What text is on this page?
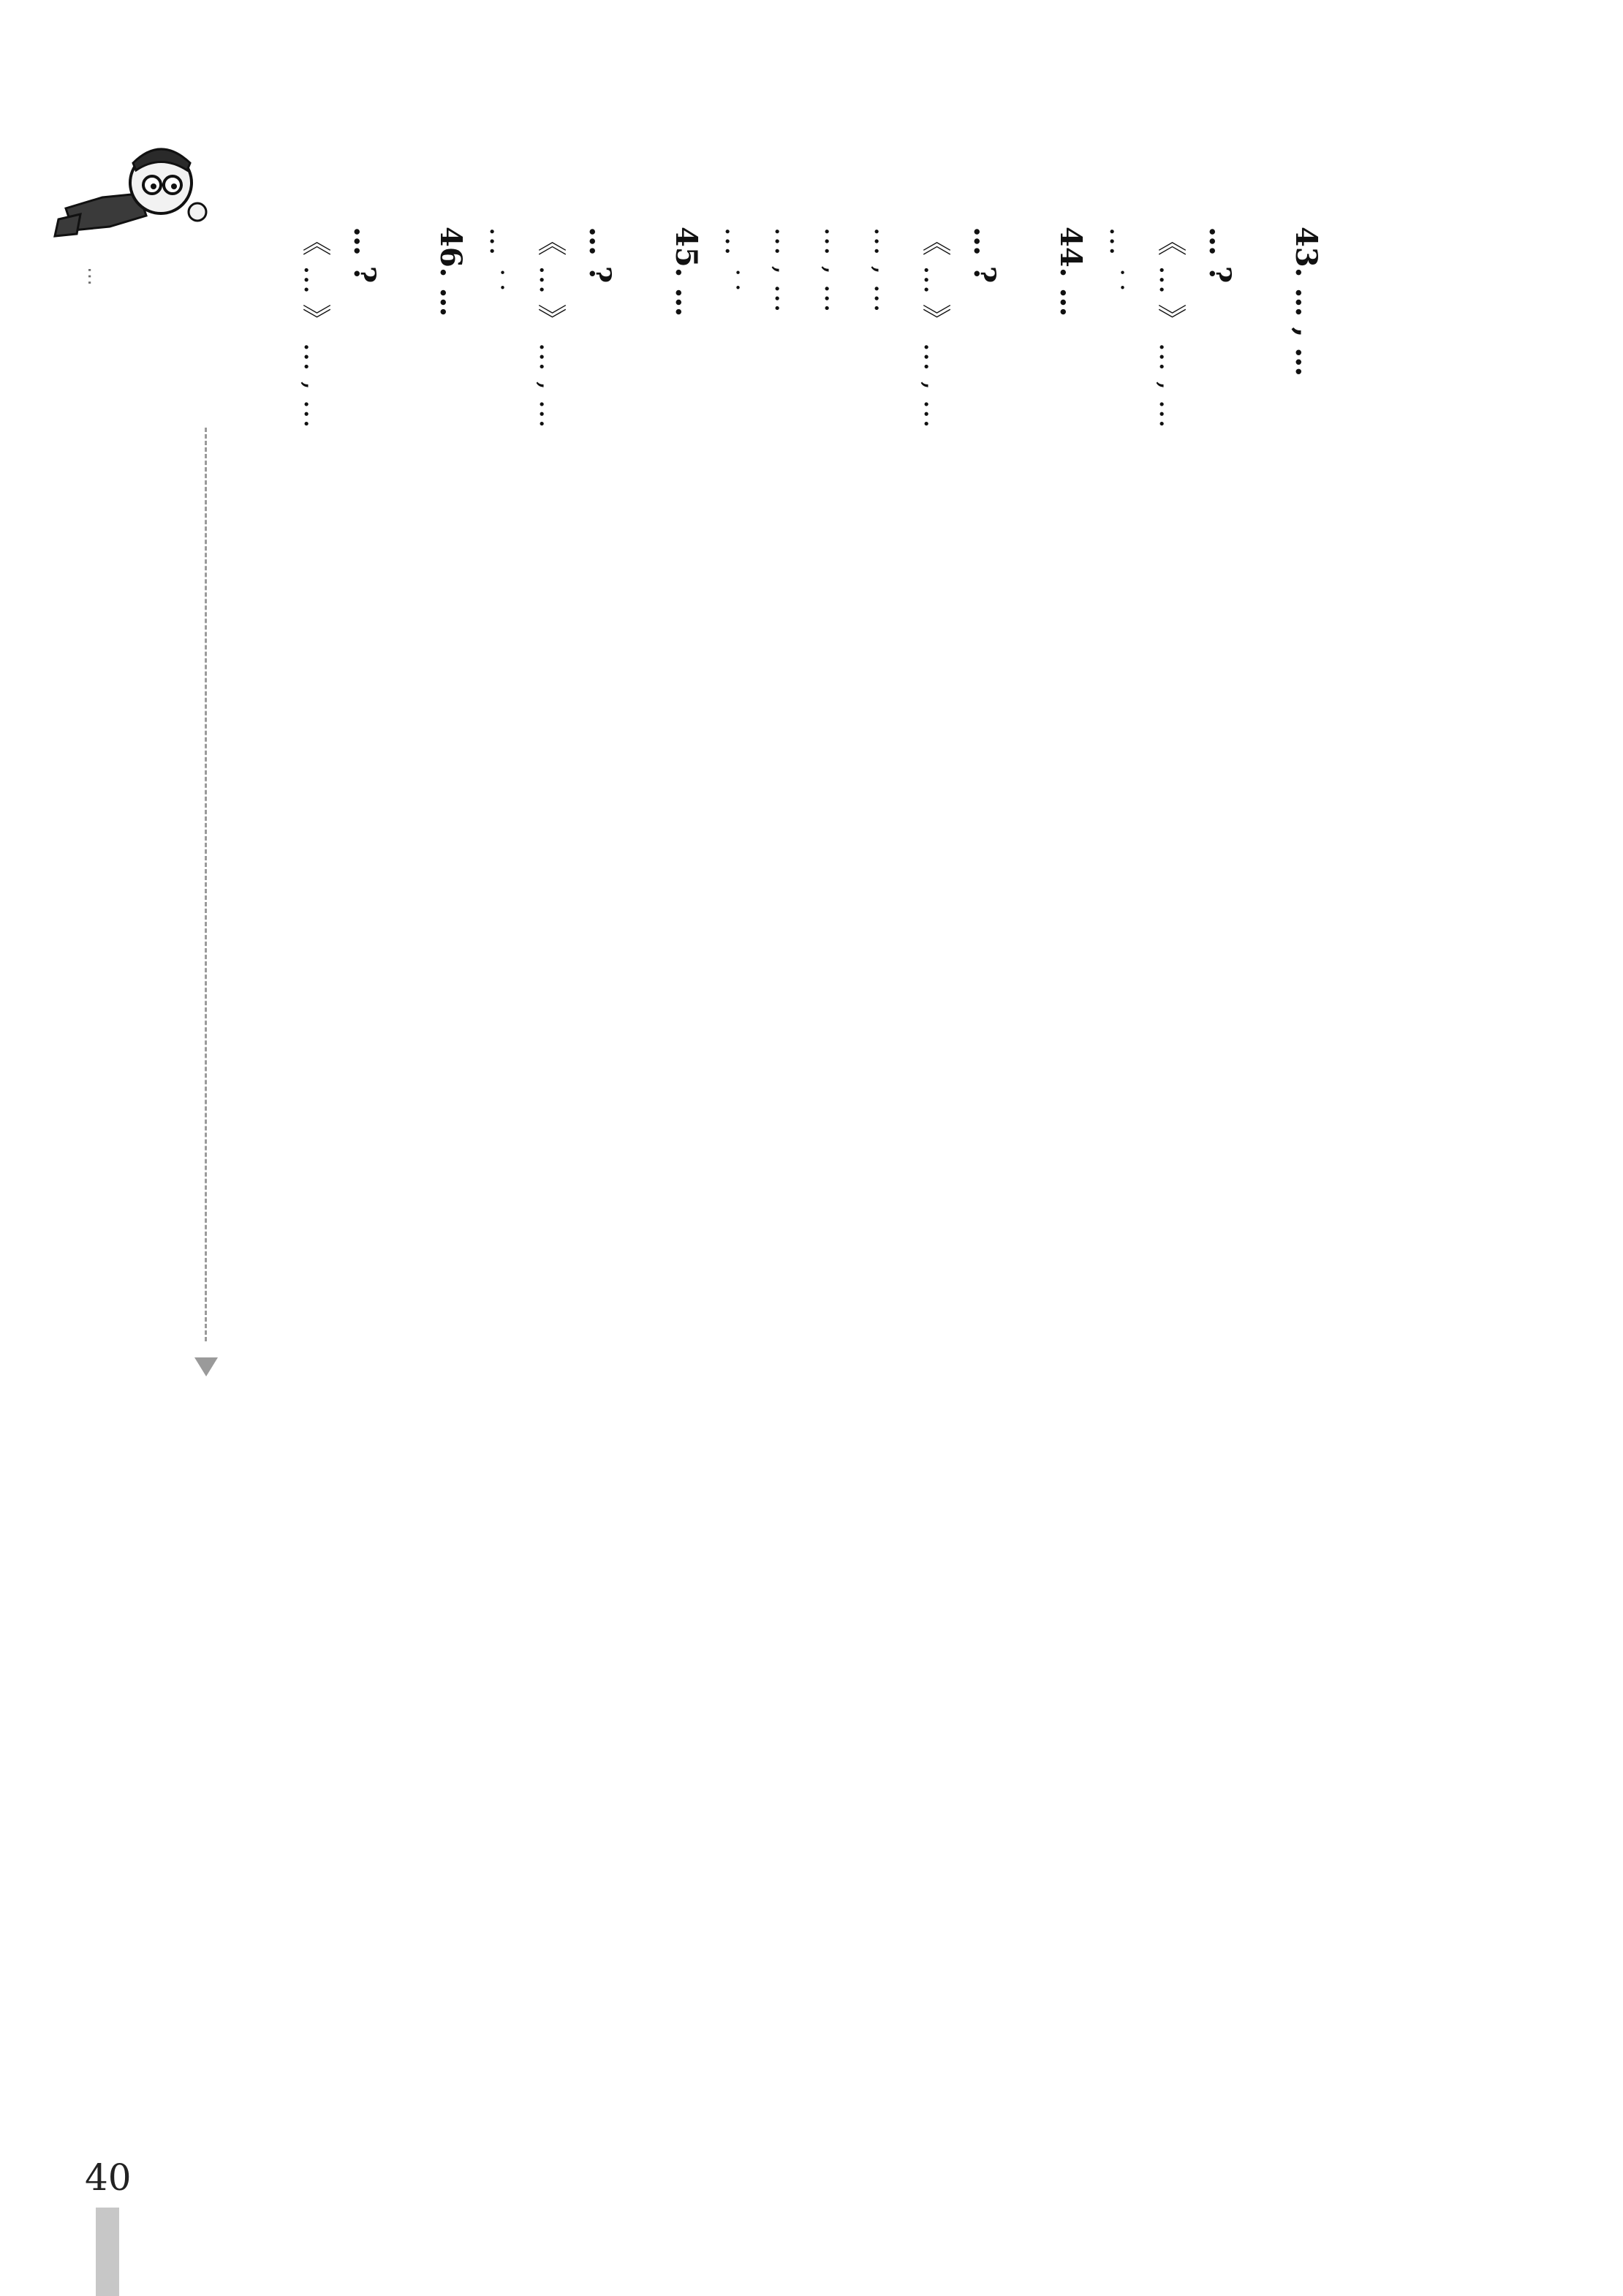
…	《 … 》 … , … … ? 46. …
… ︰ 《 … 》 … , … … ? 45. …
… ︰ … , … … , … … , … 《 … 》 … , … … ? 44. …
… ︰ 《 … 》 … , … … ? 43. … , …
40
